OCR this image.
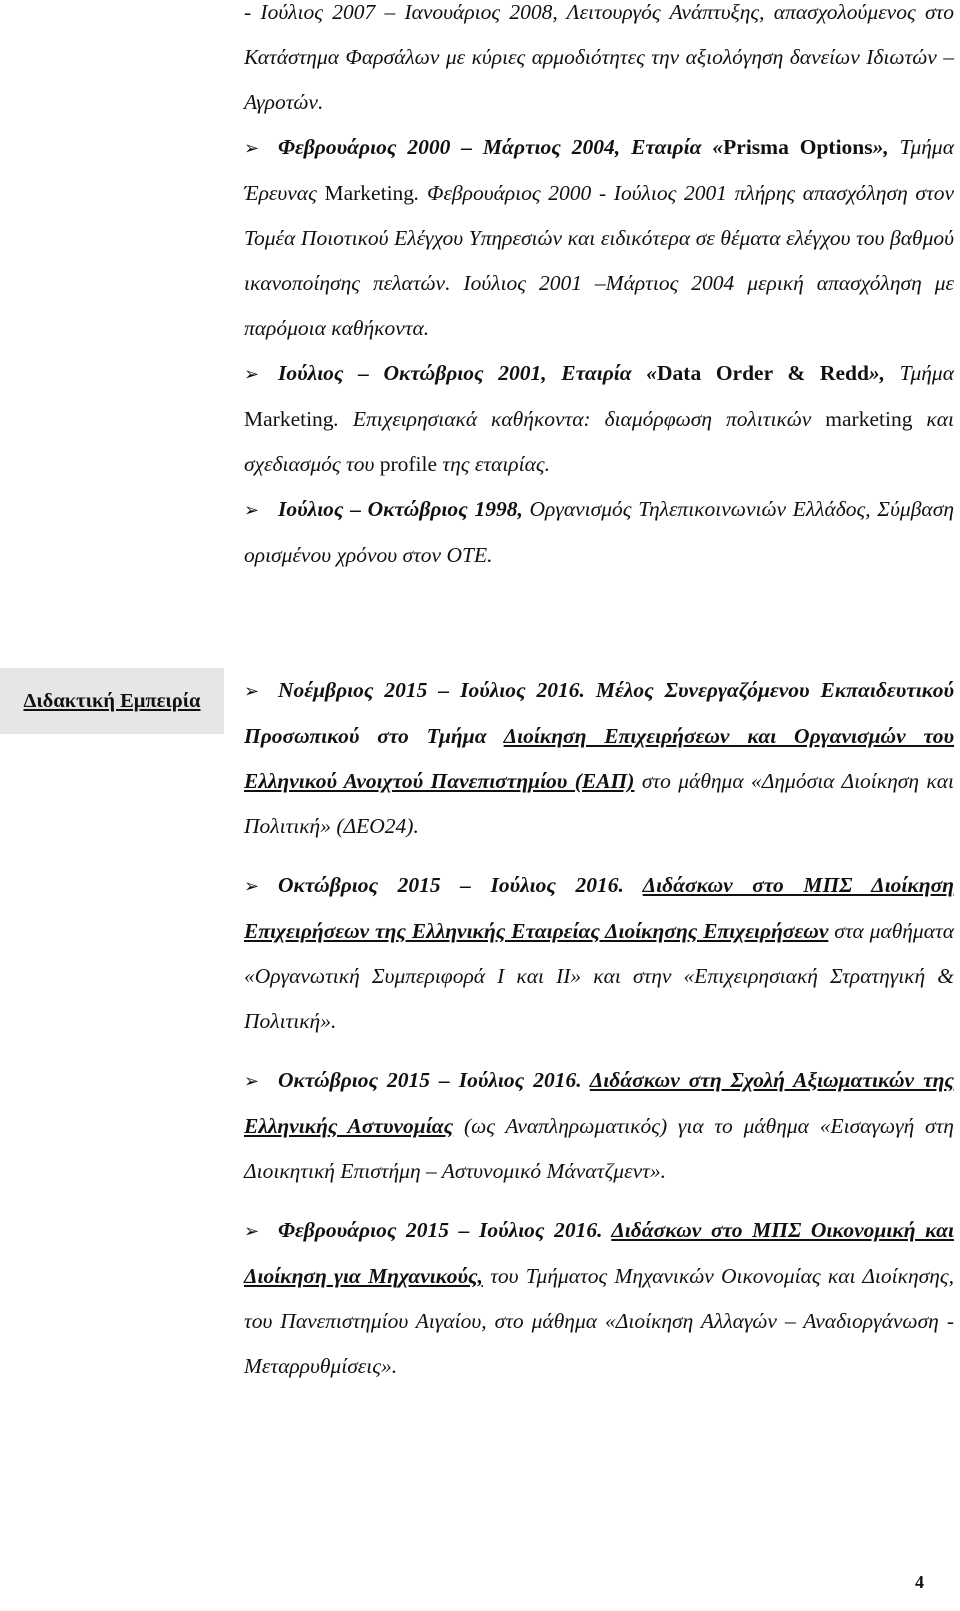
- Ιούλιος 2007 – Ιανουάριος 2008, Λειτουργός Ανάπτυξης, απασχολούμενος στο Κατάστημα Φαρσάλων με κύριες αρμοδιότητες την αξιολόγηση δανείων Ιδιωτών – Αγροτών.

➢ Φεβρουάριος 2000 – Μάρτιος 2004, Εταιρία «Prisma Options», Τμήμα Έρευνας Marketing. Φεβρουάριος 2000 - Ιούλιος 2001 πλήρης απασχόληση στον Τομέα Ποιοτικού Ελέγχου Υπηρεσιών και ειδικότερα σε θέματα ελέγχου του βαθμού ικανοποίησης πελατών. Ιούλιος 2001 –Μάρτιος 2004 μερική απασχόληση με παρόμοια καθήκοντα.

➢ Ιούλιος – Οκτώβριος 2001, Εταιρία «Data Order & Redd», Τμήμα Marketing. Επιχειρησιακά καθήκοντα: διαμόρφωση πολιτικών marketing και σχεδιασμός του profile της εταιρίας.

➢ Ιούλιος – Οκτώβριος 1998, Οργανισμός Τηλεπικοινωνιών Ελλάδος, Σύμβαση ορισμένου χρόνου στον ΟΤΕ.

Διδακτική Εμπειρία ➢ Νοέμβριος 2015 – Ιούλιος 2016. Μέλος Συνεργαζόμενου Εκπαιδευτικού Προσωπικού στο Τμήμα Διοίκηση Επιχειρήσεων και Οργανισμών του Ελληνικού Ανοιχτού Πανεπιστημίου (ΕΑΠ) στο μάθημα «Δημόσια Διοίκηση και Πολιτική» (ΔΕΟ24).

➢ Οκτώβριος 2015 – Ιούλιος 2016. Διδάσκων στο ΜΠΣ Διοίκηση Επιχειρήσεων της Ελληνικής Εταιρείας Διοίκησης Επιχειρήσεων στα μαθήματα «Οργανωτική Συμπεριφορά Ι και ΙΙ» και στην «Επιχειρησιακή Στρατηγική & Πολιτική».

➢ Οκτώβριος 2015 – Ιούλιος 2016. Διδάσκων στη Σχολή Αξιωματικών της Ελληνικής Αστυνομίας (ως Αναπληρωματικός) για το μάθημα «Εισαγωγή στη Διοικητική Επιστήμη – Αστυνομικό Μάνατζμεντ».

➢ Φεβρουάριος 2015 – Ιούλιος 2016. Διδάσκων στο ΜΠΣ Οικονομική και Διοίκηση για Μηχανικούς, του Τμήματος Μηχανικών Οικονομίας και Διοίκησης, του Πανεπιστημίου Αιγαίου, στο μάθημα «Διοίκηση Αλλαγών – Αναδιοργάνωση - Μεταρρυθμίσεις».

4
